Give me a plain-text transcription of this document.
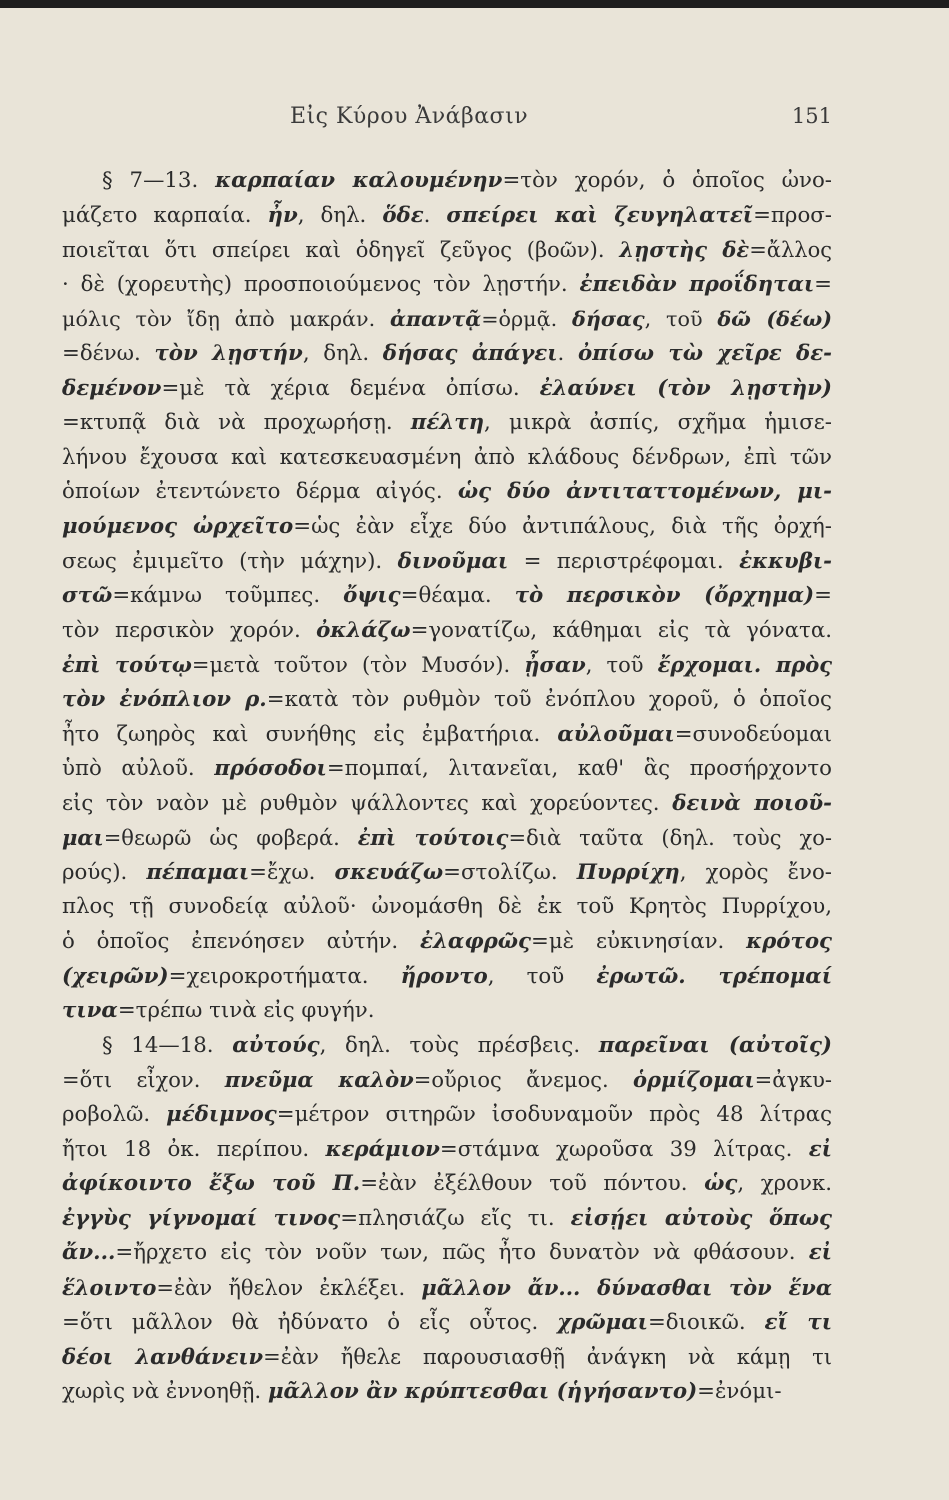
Εἰς Κύρου Ἀνάβασιν	151
§ 7—13. καρπαίαν καλουμένην=τὸν χορόν, ὁ ὁποῖος ὠνο-
μάζετο καρπαία. ἦν, δηλ. ὅδε. σπείρει καὶ ζευγηλατεῖ=προσ-
ποιεῖται ὅτι σπείρει καὶ ὁδηγεῖ ζεῦγος (βοῶν). λῃστὴς δὲ=ἄλλος
· δὲ (χορευτὴς) προσποιούμενος τὸν λῃστήν. ἐπειδὰν προΐδηται=
μόλις τὸν ἴδῃ ἀπὸ μακράν. ἀπαντᾷ=ὁρμᾷ. δήσας, τοῦ δῶ (δέω)
=δένω. τὸν λῃστήν, δηλ. δήσας ἀπάγει. ὀπίσω τὼ χεῖρε δε-
δεμένον=μὲ τὰ χέρια δεμένα ὀπίσω. ἐλαύνει (τὸν λῃστὴν)
=κτυπᾷ διὰ νὰ προχωρήσῃ. πέλτη, μικρὰ ἀσπίς, σχῆμα ἡμισε-
λήνου ἔχουσα καὶ κατεσκευασμένη ἀπὸ κλάδους δένδρων, ἐπὶ τῶν
ὁποίων ἐτεντώνετο δέρμα αἰγός. ὡς δύο ἀντιταττομένων, μι-
μούμενος ὠρχεῖτο=ὡς ἐὰν εἶχε δύο ἀντιπάλους, διὰ τῆς ὀρχή-
σεως ἐμιμεῖτο (τὴν μάχην). δινοῦμαι = περιστρέφομαι. ἐκκυβι-
στῶ=κάμνω τοῦμπες. ὄψις=θέαμα. τὸ περσικὸν (ὄρχημα)=
τὸν περσικὸν χορόν. ὀκλάζω=γονατίζω, κάθημαι εἰς τὰ γόνατα.
ἐπὶ τούτῳ=μετὰ τοῦτον (τὸν Μυσόν). ᾖσαν, τοῦ ἔρχομαι. πρὸς
τὸν ἐνόπλιον ρ.=κατὰ τὸν ρυθμὸν τοῦ ἐνόπλου χοροῦ, ὁ ὁποῖος
ἦτο ζωηρὸς καὶ συνήθης εἰς ἐμβατήρια. αὐλοῦμαι=συνοδεύομαι
ὑπὸ αὐλοῦ. πρόσοδοι=πομπαί, λιτανεῖαι, καθ' ἃς προσήρχοντο
εἰς τὸν ναὸν μὲ ρυθμὸν ψάλλοντες καὶ χορεύοντες. δεινὰ ποιοῦ-
μαι=θεωρῶ ὡς φοβερά. ἐπὶ τούτοις=διὰ ταῦτα (δηλ. τοὺς χο-
ρούς). πέπαμαι=ἔχω. σκευάζω=στολίζω. Πυρρίχη, χορὸς ἔνο-
πλος τῇ συνοδείᾳ αὐλοῦ· ὠνομάσθη δὲ ἐκ τοῦ Κρητὸς Πυρρίχου,
ὁ ὁποῖος ἐπενόησεν αὐτήν. ἐλαφρῶς=μὲ εὐκινησίαν. κρότος
(χειρῶν)=χειροκροτήματα. ἤροντο, τοῦ ἐρωτῶ. τρέπομαί
τινα=τρέπω τινὰ εἰς φυγήν.
§ 14—18. αὐτούς, δηλ. τοὺς πρέσβεις. παρεῖναι (αὐτοῖς)
=ὅτι εἶχον. πνεῦμα καλὸν=οὔριος ἄνεμος. ὁρμίζομαι=ἀγκυ-
ροβολῶ. μέδιμνος=μέτρον σιτηρῶν ἰσοδυναμοῦν πρὸς 48 λίτρας
ἤτοι 18 ὀκ. περίπου. κεράμιον=στάμνα χωροῦσα 39 λίτρας. εἰ
ἀφίκοιντο ἔξω τοῦ Π.=ἐὰν ἐξέλθουν τοῦ πόντου. ὡς, χρονκ.
ἐγγὺς γίγνομαί τινος=πλησιάζω εἴς τι. εἰσῄει αὐτοὺς ὅπως
ἄν...=ἤρχετο εἰς τὸν νοῦν των, πῶς ἦτο δυνατὸν νὰ φθάσουν. εἰ
ἕλοιντο=ἐὰν ἤθελον ἐκλέξει. μᾶλλον ἄν... δύνασθαι τὸν ἕνα
=ὅτι μᾶλλον θὰ ἠδύνατο ὁ εἷς οὗτος. χρῶμαι=διοικῶ. εἴ τι
δέοι λανθάνειν=ἐὰν ἤθελε παρουσιασθῇ ἀνάγκη νὰ κάμῃ τι
χωρὶς νὰ ἐννοηθῇ. μᾶλλον ἂν κρύπτεσθαι (ἡγήσαντο)=ἐνόμι-
